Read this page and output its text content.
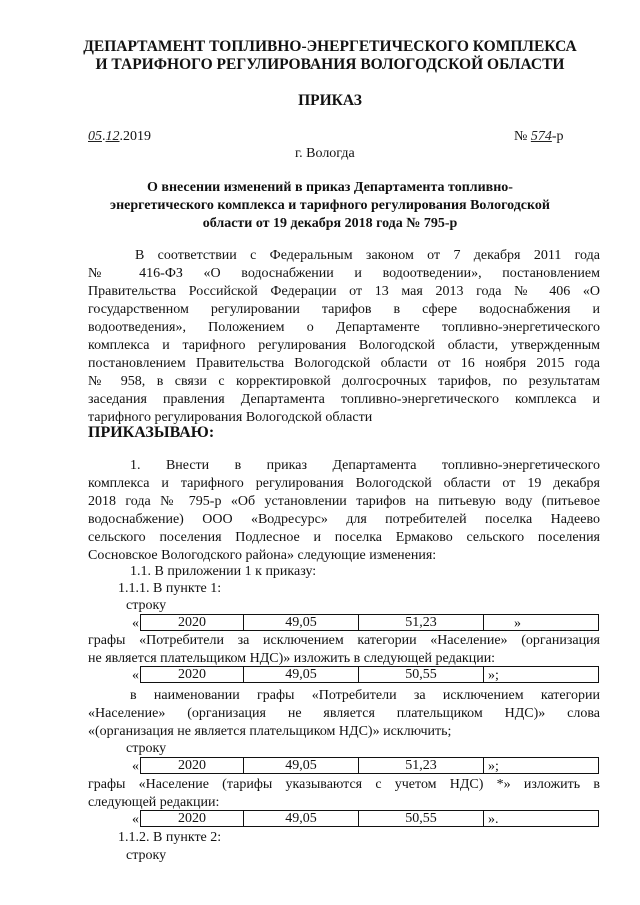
ДЕПАРТАМЕНТ ТОПЛИВНО-ЭНЕРГЕТИЧЕСКОГО КОМПЛЕКСА
И ТАРИФНОГО РЕГУЛИРОВАНИЯ ВОЛОГОДСКОЙ ОБЛАСТИ
ПРИКАЗ
05.12.2019	№ 574-р
г. Вологда
О внесении изменений в приказ Департамента топливно-
энергетического комплекса и тарифного регулирования Вологодской
области от 19 декабря 2018 года № 795-р
В соответствии с Федеральным законом от 7 декабря 2011 года
№ 416-ФЗ «О водоснабжении и водоотведении», постановлением
Правительства Российской Федерации от 13 мая 2013 года № 406 «О
государственном регулировании тарифов в сфере водоснабжения и
водоотведения», Положением о Департаменте топливно-энергетического
комплекса и тарифного регулирования Вологодской области, утвержденным
постановлением Правительства Вологодской области от 16 ноября 2015 года
№ 958, в связи с корректировкой долгосрочных тарифов, по результатам
заседания правления Департамента топливно-энергетического комплекса и
тарифного регулирования Вологодской области
ПРИКАЗЫВАЮ:
1. Внести в приказ Департамента топливно-энергетического
комплекса и тарифного регулирования Вологодской области от 19 декабря
2018 года № 795-р «Об установлении тарифов на питьевую воду (питьевое
водоснабжение) ООО «Водресурс» для потребителей поселка Надеево
сельского поселения Подлесное и поселка Ермаково сельского поселения
Сосновское Вологодского района» следующие изменения:
1.1. В приложении 1 к приказу:
1.1.1. В пункте 1:
строку
«	2020	49,05	51,23		»
графы «Потребители за исключением категории «Население» (организация
не является плательщиком НДС)» изложить в следующей редакции:
«	2020	49,05	50,55		»;
в наименовании графы «Потребители за исключением категории
«Население» (организация не является плательщиком НДС)» слова
«(организация не является плательщиком НДС)» исключить;
строку
«	2020	49,05	51,23		»;
графы «Население (тарифы указываются с учетом НДС) *» изложить в
следующей редакции:
«	2020	49,05	50,55		».
1.1.2. В пункте 2:
строку
